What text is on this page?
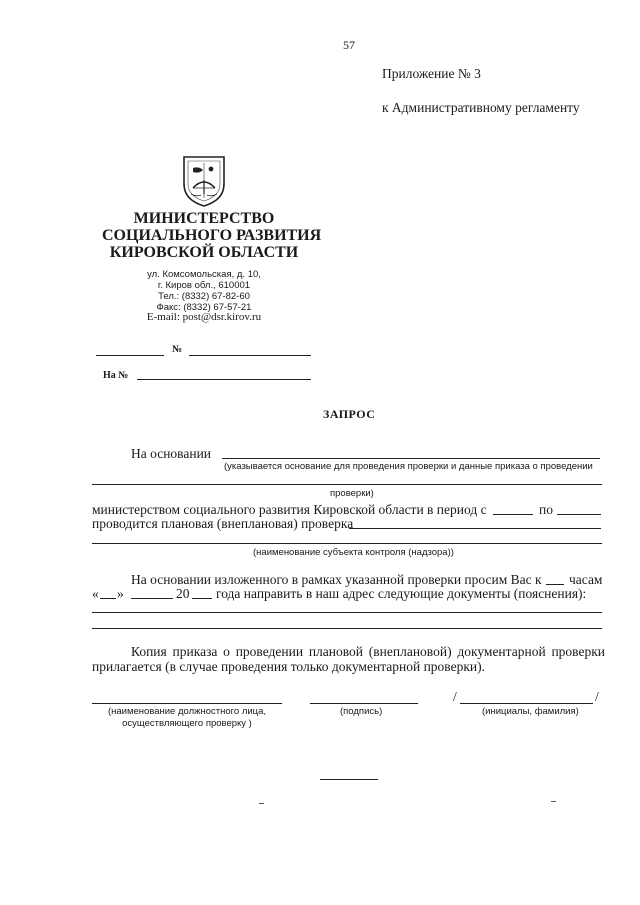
57
Приложение № 3
к Административному регламенту
МИНИСТЕРСТВО
СОЦИАЛЬНОГО РАЗВИТИЯ
КИРОВСКОЙ ОБЛАСТИ
ул. Комсомольская, д. 10,
г. Киров обл., 610001
Тел.: (8332) 67-82-60
Факс: (8332) 67-57-21
E-mail: post@dsr.kirov.ru
№
На №
ЗАПРОС
На основании
(указывается основание для проведения проверки и данные приказа о проведении
проверки)
министерством социального развития Кировской области в период с	по
проводится плановая (внеплановая) проверка
(наименование субъекта контроля (надзора))
На основании изложенного в рамках указанной проверки просим Вас к часам
« »	20 года направить в наш адрес следующие документы (пояснения):
Копия приказа о проведении плановой (внеплановой) документарной проверки
прилагается (в случае проведения только документарной проверки).
/	/
(наименование должностного лица,
осуществляющего проверку )
(подпись)	(инициалы, фамилия)
